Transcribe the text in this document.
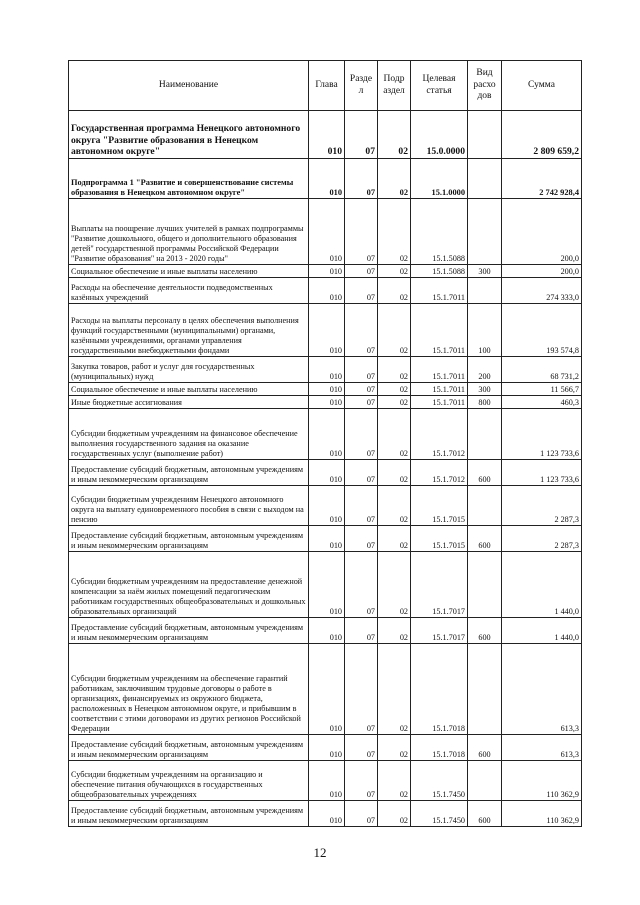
Наименование	Глава	Разде л	Подр аздел	Целевая статья	Вид расхо дов	Сумма
Государственная программа Ненецкого автономного округа "Развитие образования в Ненецком автономном округе"	010	07	02	15.0.0000		2 809 659,2
Подпрограмма 1 "Развитие и совершенствование системы образования в Ненецком автономном округе"	010	07	02	15.1.0000		2 742 928,4
Выплаты на поощрение лучших учителей в рамках подпрограммы "Развитие дошкольного, общего и дополнительного образования детей" государственной программы Российской Федерации "Развитие образования" на 2013 - 2020 годы"	010	07	02	15.1.5088		200,0
Социальное обеспечение и иные выплаты населению	010	07	02	15.1.5088	300	200,0
Расходы на обеспечение деятельности подведомственных казённых учреждений	010	07	02	15.1.7011		274 333,0
Расходы на выплаты персоналу в целях обеспечения выполнения функций государственными (муниципальными) органами, казёнными учреждениями, органами управления государственными внебюджетными фондами	010	07	02	15.1.7011	100	193 574,8
Закупка товаров, работ и услуг для государственных (муниципальных) нужд	010	07	02	15.1.7011	200	68 731,2
Социальное обеспечение и иные выплаты населению	010	07	02	15.1.7011	300	11 566,7
Иные бюджетные ассигнования	010	07	02	15.1.7011	800	460,3
Субсидии бюджетным учреждениям на финансовое обеспечение выполнения государственного задания на оказание государственных услуг (выполнение работ)	010	07	02	15.1.7012		1 123 733,6
Предоставление субсидий бюджетным, автономным учреждениям и иным некоммерческим организациям	010	07	02	15.1.7012	600	1 123 733,6
Субсидии бюджетным учреждениям Ненецкого автономного округа на выплату единовременного пособия в связи с выходом на пенсию	010	07	02	15.1.7015		2 287,3
Предоставление субсидий бюджетным, автономным учреждениям и иным некоммерческим организациям	010	07	02	15.1.7015	600	2 287,3
Субсидии бюджетным учреждениям на предоставление денежной компенсации за наём жилых помещений педагогическим работникам государственных общеобразовательных и дошкольных образовательных организаций	010	07	02	15.1.7017		1 440,0
Предоставление субсидий бюджетным, автономным учреждениям и иным некоммерческим организациям	010	07	02	15.1.7017	600	1 440,0
Субсидии бюджетным учреждениям на обеспечение гарантий работникам, заключившим трудовые договоры о работе в организациях, финансируемых из окружного бюджета, расположенных в Ненецком автономном округе, и прибывшим в соответствии с этими договорами из других регионов Российской Федерации	010	07	02	15.1.7018		613,3
Предоставление субсидий бюджетным, автономным учреждениям и иным некоммерческим организациям	010	07	02	15.1.7018	600	613,3
Субсидии бюджетным учреждениям на организацию и обеспечение питания обучающихся в государственных общеобразовательных учреждениях	010	07	02	15.1.7450		110 362,9
Предоставление субсидий бюджетным, автономным учреждениям и иным некоммерческим организациям	010	07	02	15.1.7450	600	110 362,9
12
